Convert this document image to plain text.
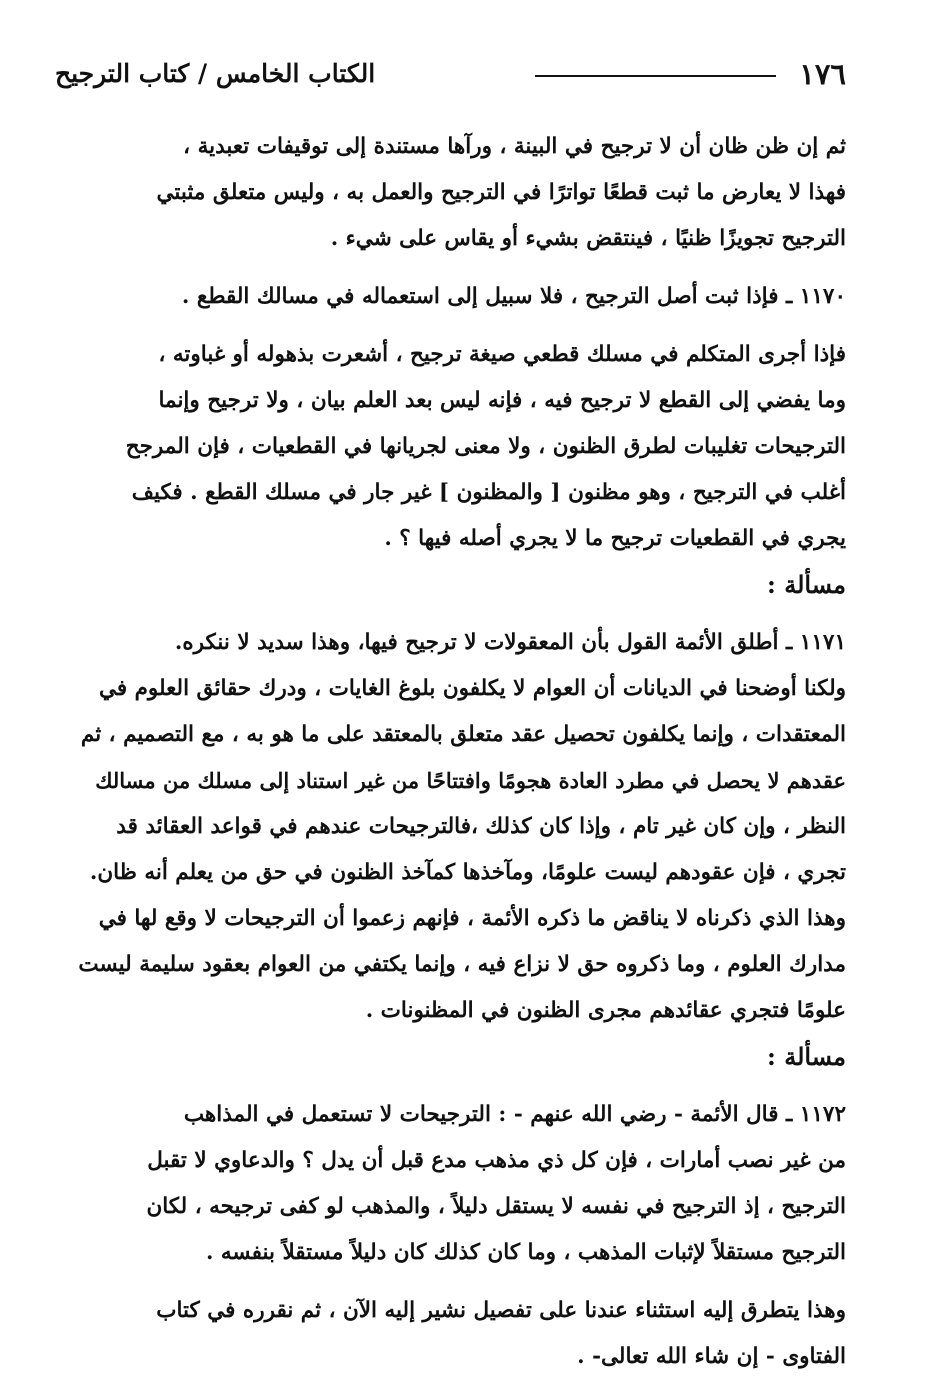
١٧٦
الكتاب الخامس / كتاب الترجيح

ثم إن ظن ظان أن لا ترجيح في البينة ، ورآها مستندة إلى توقيفات تعبدية ،
فهذا لا يعارض ما ثبت قطعًا تواترًا في الترجيح والعمل به ، وليس متعلق مثبتي
الترجيح تجويزًا ظنيًا ، فينتقض بشيء أو يقاس على شيء .

١١٧٠ ـ فإذا ثبت أصل الترجيح ، فلا سبيل إلى استعماله في مسالك القطع .

فإذا أجرى المتكلم في مسلك قطعي صيغة ترجيح ، أشعرت بذهوله أو غباوته ،
وما يفضي إلى القطع لا ترجيح فيه ، فإنه ليس بعد العلم بيان ، ولا ترجيح وإنما
الترجيحات تغليبات لطرق الظنون ، ولا معنى لجريانها في القطعيات ، فإن المرجح
أغلب في الترجيح ، وهو مظنون [ والمظنون ] غير جار في مسلك القطع . فكيف
يجري في القطعيات ترجيح ما لا يجري أصله فيها ؟ .

مسألة :

١١٧١ ـ أطلق الأئمة القول بأن المعقولات لا ترجيح فيها، وهذا سديد لا ننكره.
ولكنا أوضحنا في الديانات أن العوام لا يكلفون بلوغ الغايات ، ودرك حقائق العلوم في
المعتقدات ، وإنما يكلفون تحصيل عقد متعلق بالمعتقد على ما هو به ، مع التصميم ، ثم
عقدهم لا يحصل في مطرد العادة هجومًا وافتتاحًا من غير استناد إلى مسلك من مسالك
النظر ، وإن كان غير تام ، وإذا كان كذلك ،فالترجيحات عندهم في قواعد العقائد قد
تجري ، فإن عقودهم ليست علومًا، ومآخذها كمآخذ الظنون في حق من يعلم أنه ظان.
وهذا الذي ذكرناه لا يناقض ما ذكره الأئمة ، فإنهم زعموا أن الترجيحات لا وقع لها في
مدارك العلوم ، وما ذكروه حق لا نزاع فيه ، وإنما يكتفي من العوام بعقود سليمة ليست
علومًا فتجري عقائدهم مجرى الظنون في المظنونات .

مسألة :

١١٧٢ ـ قال الأئمة - رضي الله عنهم - : الترجيحات لا تستعمل في المذاهب
من غير نصب أمارات ، فإن كل ذي مذهب مدع قبل أن يدل ؟ والدعاوي لا تقبل
الترجيح ، إذ الترجيح في نفسه لا يستقل دليلاً ، والمذهب لو كفى ترجيحه ، لكان
الترجيح مستقلاً لإثبات المذهب ، وما كان كذلك كان دليلاً مستقلاً بنفسه .

وهذا يتطرق إليه استثناء عندنا على تفصيل نشير إليه الآن ، ثم نقرره في كتاب
الفتاوى - إن شاء الله تعالى- .
